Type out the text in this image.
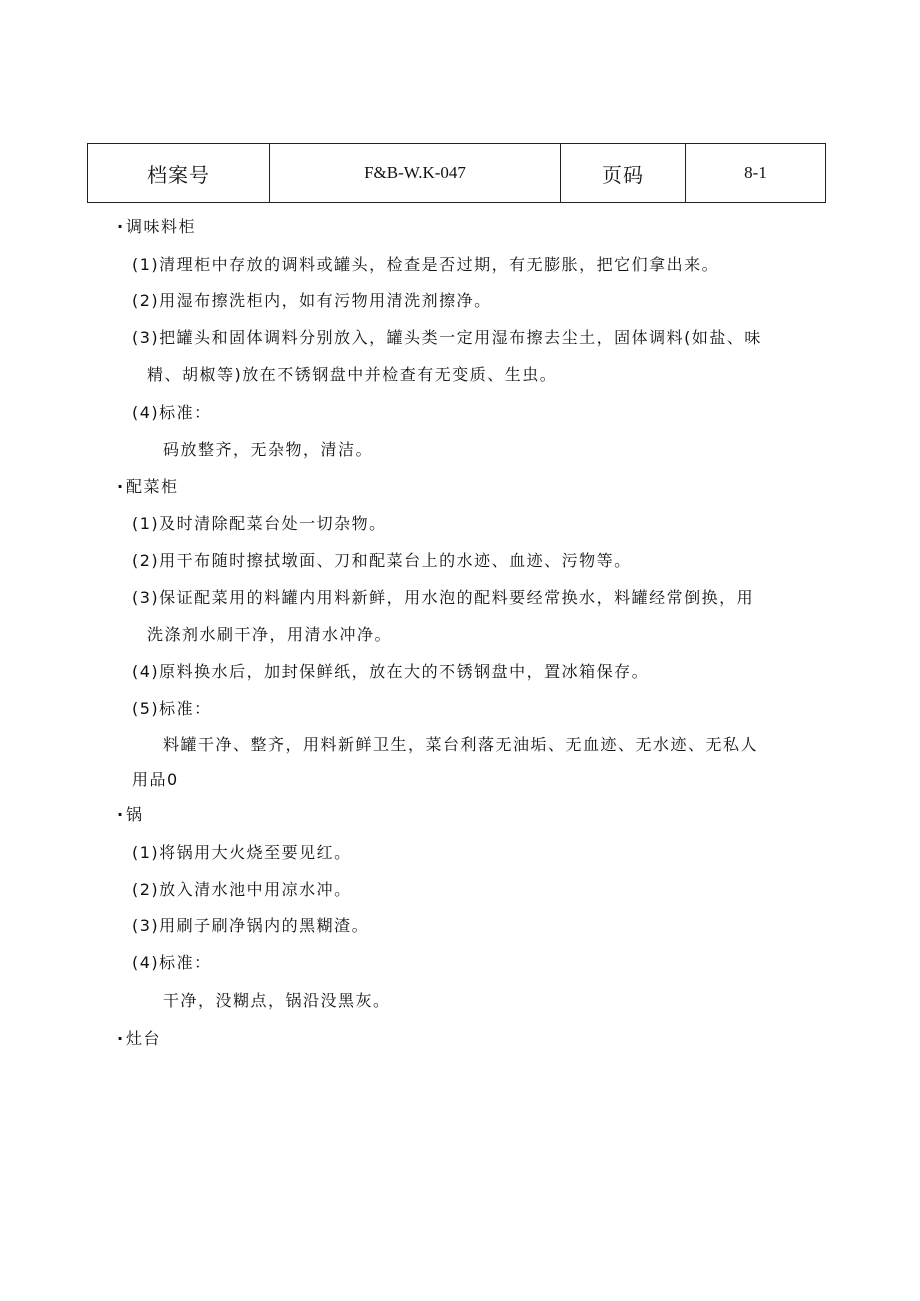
档案号	F&B-W.K-047	页码	8-1
·调味料柜
(1)清理柜中存放的调料或罐头，检查是否过期，有无膨胀，把它们拿出来。
(2)用湿布擦洗柜内，如有污物用清洗剂擦净。
(3)把罐头和固体调料分别放入，罐头类一定用湿布擦去尘土，固体调料(如盐、味
精、胡椒等)放在不锈钢盘中并检查有无变质、生虫。
(4)标准：
码放整齐，无杂物，清洁。
·配菜柜
(1)及时清除配菜台处一切杂物。
(2)用干布随时擦拭墩面、刀和配菜台上的水迹、血迹、污物等。
(3)保证配菜用的料罐内用料新鲜，用水泡的配料要经常换水，料罐经常倒换，用
洗涤剂水刷干净，用清水冲净。
(4)原料换水后，加封保鲜纸，放在大的不锈钢盘中，置冰箱保存。
(5)标准：
料罐干净、整齐，用料新鲜卫生，菜台利落无油垢、无血迹、无水迹、无私人
用品0
·锅
(1)将锅用大火烧至要见红。
(2)放入清水池中用凉水冲。
(3)用刷子刷净锅内的黑糊渣。
(4)标准：
干净，没糊点，锅沿没黑灰。
·灶台
